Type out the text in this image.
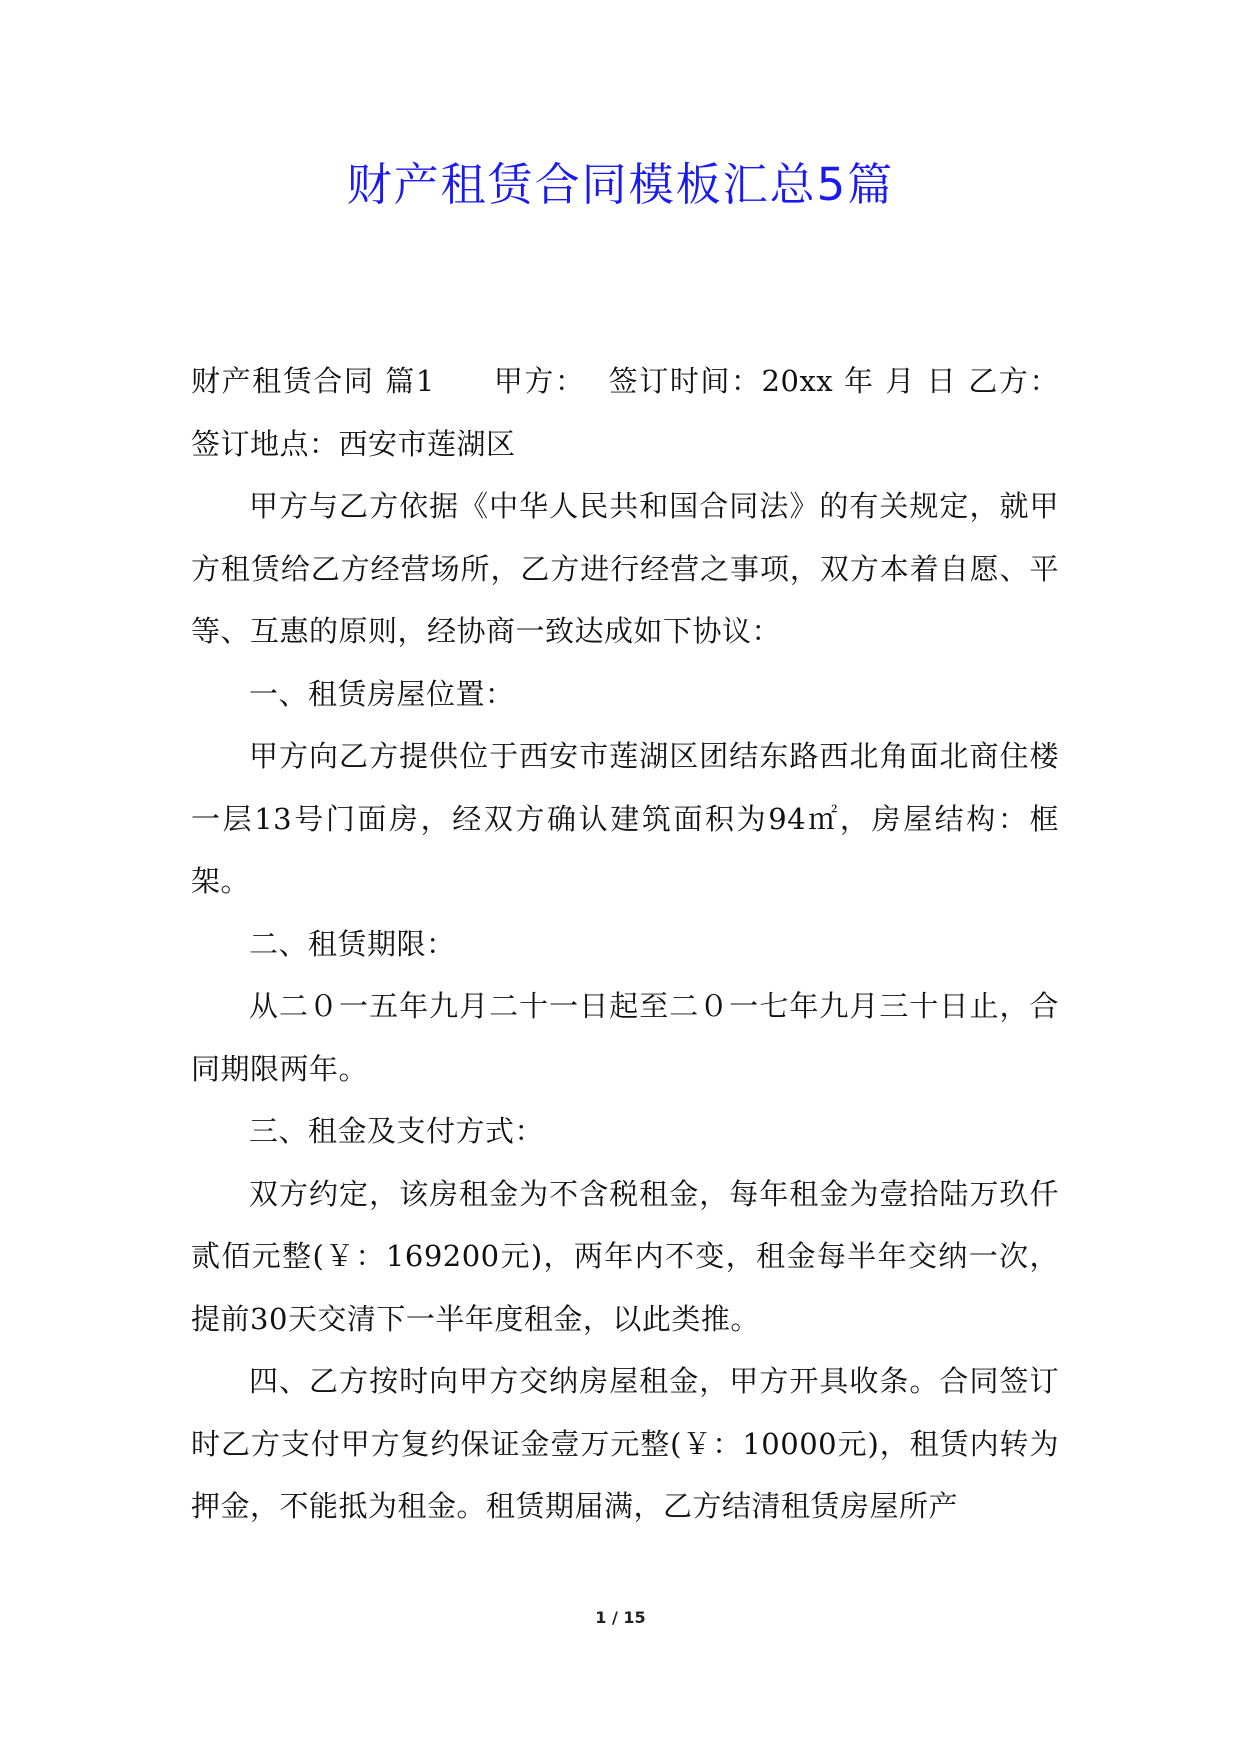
财产租赁合同模板汇总5篇

财产租赁合同 篇1 甲方： 签订时间：20xx 年 月 日 乙方： 签订地点：西安市莲湖区

甲方与乙方依据《中华人民共和国合同法》的有关规定，就甲方租赁给乙方经营场所，乙方进行经营之事项，双方本着自愿、平等、互惠的原则，经协商一致达成如下协议：

一、租赁房屋位置：

甲方向乙方提供位于西安市莲湖区团结东路西北角面北商住楼一层13号门面房，经双方确认建筑面积为94㎡，房屋结构：框架。

二、租赁期限：

从二０一五年九月二十一日起至二０一七年九月三十日止，合同期限两年。

三、租金及支付方式：

双方约定，该房租金为不含税租金，每年租金为壹拾陆万玖仟贰佰元整(￥：169200元)，两年内不变，租金每半年交纳一次，提前30天交清下一半年度租金，以此类推。

四、乙方按时向甲方交纳房屋租金，甲方开具收条。合同签订时乙方支付甲方复约保证金壹万元整(￥：10000元)，租赁内转为押金，不能抵为租金。租赁期届满，乙方结清租赁房屋所产

1 / 15
